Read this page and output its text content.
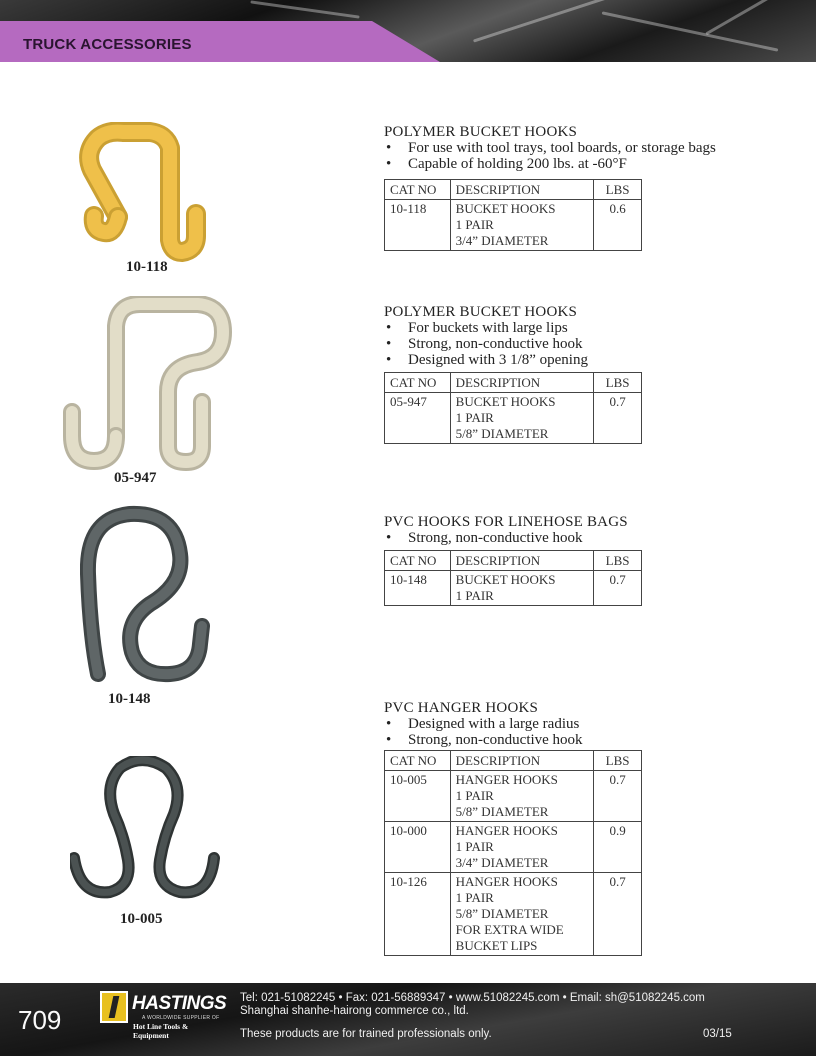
TRUCK ACCESSORIES
10-118
05-947
10-148
10-005
POLYMER BUCKET HOOKS
• For use with tool trays, tool boards, or storage bags
• Capable of holding 200 lbs. at -60°F
CAT NO	DESCRIPTION	LBS
10-118	BUCKET HOOKS
1 PAIR
3/4” DIAMETER	0.6
POLYMER BUCKET HOOKS
• For buckets with large lips
• Strong, non-conductive hook
• Designed with 3 1/8” opening
CAT NO	DESCRIPTION	LBS
05-947	BUCKET HOOKS
1 PAIR
5/8” DIAMETER	0.7
PVC HOOKS FOR LINEHOSE BAGS
• Strong, non-conductive hook
CAT NO	DESCRIPTION	LBS
10-148	BUCKET HOOKS
1 PAIR	0.7
PVC HANGER HOOKS
• Designed with a large radius
• Strong, non-conductive hook
CAT NO	DESCRIPTION	LBS
10-005	HANGER HOOKS
1 PAIR
5/8” DIAMETER	0.7
10-000	HANGER HOOKS
1 PAIR
3/4” DIAMETER	0.9
10-126	HANGER HOOKS
1 PAIR
5/8” DIAMETER
FOR EXTRA WIDE
BUCKET LIPS	0.7
709
HASTINGS
A WORLDWIDE SUPPLIER OF
Hot Line Tools & Equipment
Tel: 021-51082245 • Fax: 021-56889347 • www.51082245.com • Email: sh@51082245.com
Shanghai shanhe-hairong commerce co., ltd.
These products are for trained professionals only.	03/15
